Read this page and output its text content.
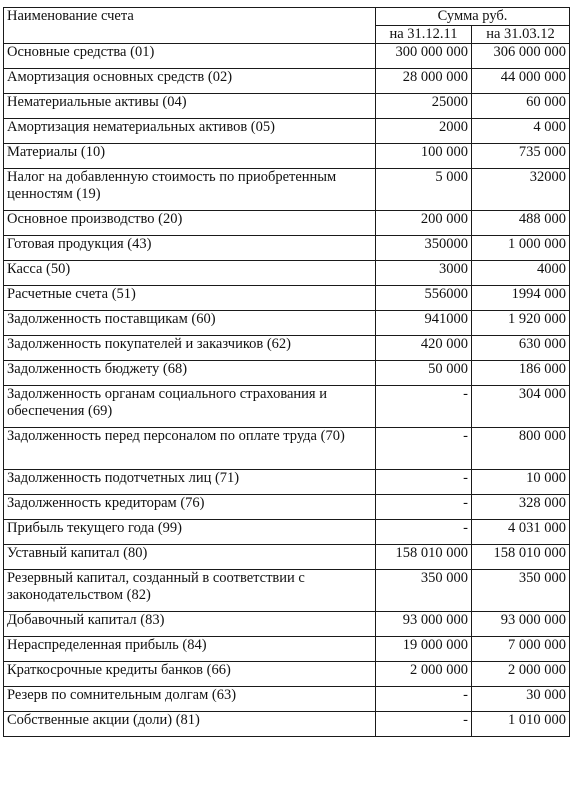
Наименование счета	Сумма руб.	
	на 31.12.11	на 31.03.12
Основные средства (01)	300 000 000	306 000 000
Амортизация основных средств (02)	28 000 000	44 000 000
Нематериальные активы (04)	25000	60 000
Амортизация нематериальных активов (05)	2000	4 000
Материалы (10)	100 000	735 000
Налог на добавленную стоимость по приобретенным ценностям (19)	5 000	32000
Основное производство (20)	200 000	488 000
Готовая продукция (43)	350000	1 000 000
Касса (50)	3000	4000
Расчетные счета (51)	556000	1994 000
Задолженность поставщикам (60)	941000	1 920 000
Задолженность покупателей и заказчиков (62)	420 000	630 000
Задолженность бюджету (68)	50 000	186 000
Задолженность органам социального страхования и обеспечения (69)	-	304 000
Задолженность перед персоналом по оплате труда (70)	-	800 000
Задолженность подотчетных лиц (71)	-	10 000
Задолженность кредиторам (76)	-	328 000
Прибыль текущего года (99)	-	4 031 000
Уставный капитал (80)	158 010 000	158 010 000
Резервный капитал, созданный в соответствии с законодательством (82)	350 000	350 000
Добавочный капитал (83)	93 000 000	93 000 000
Нераспределенная прибыль (84)	19 000 000	7 000 000
Краткосрочные кредиты банков (66)	2 000 000	2 000 000
Резерв по сомнительным долгам (63)	-	30 000
Собственные акции (доли) (81)	-	1 010 000
